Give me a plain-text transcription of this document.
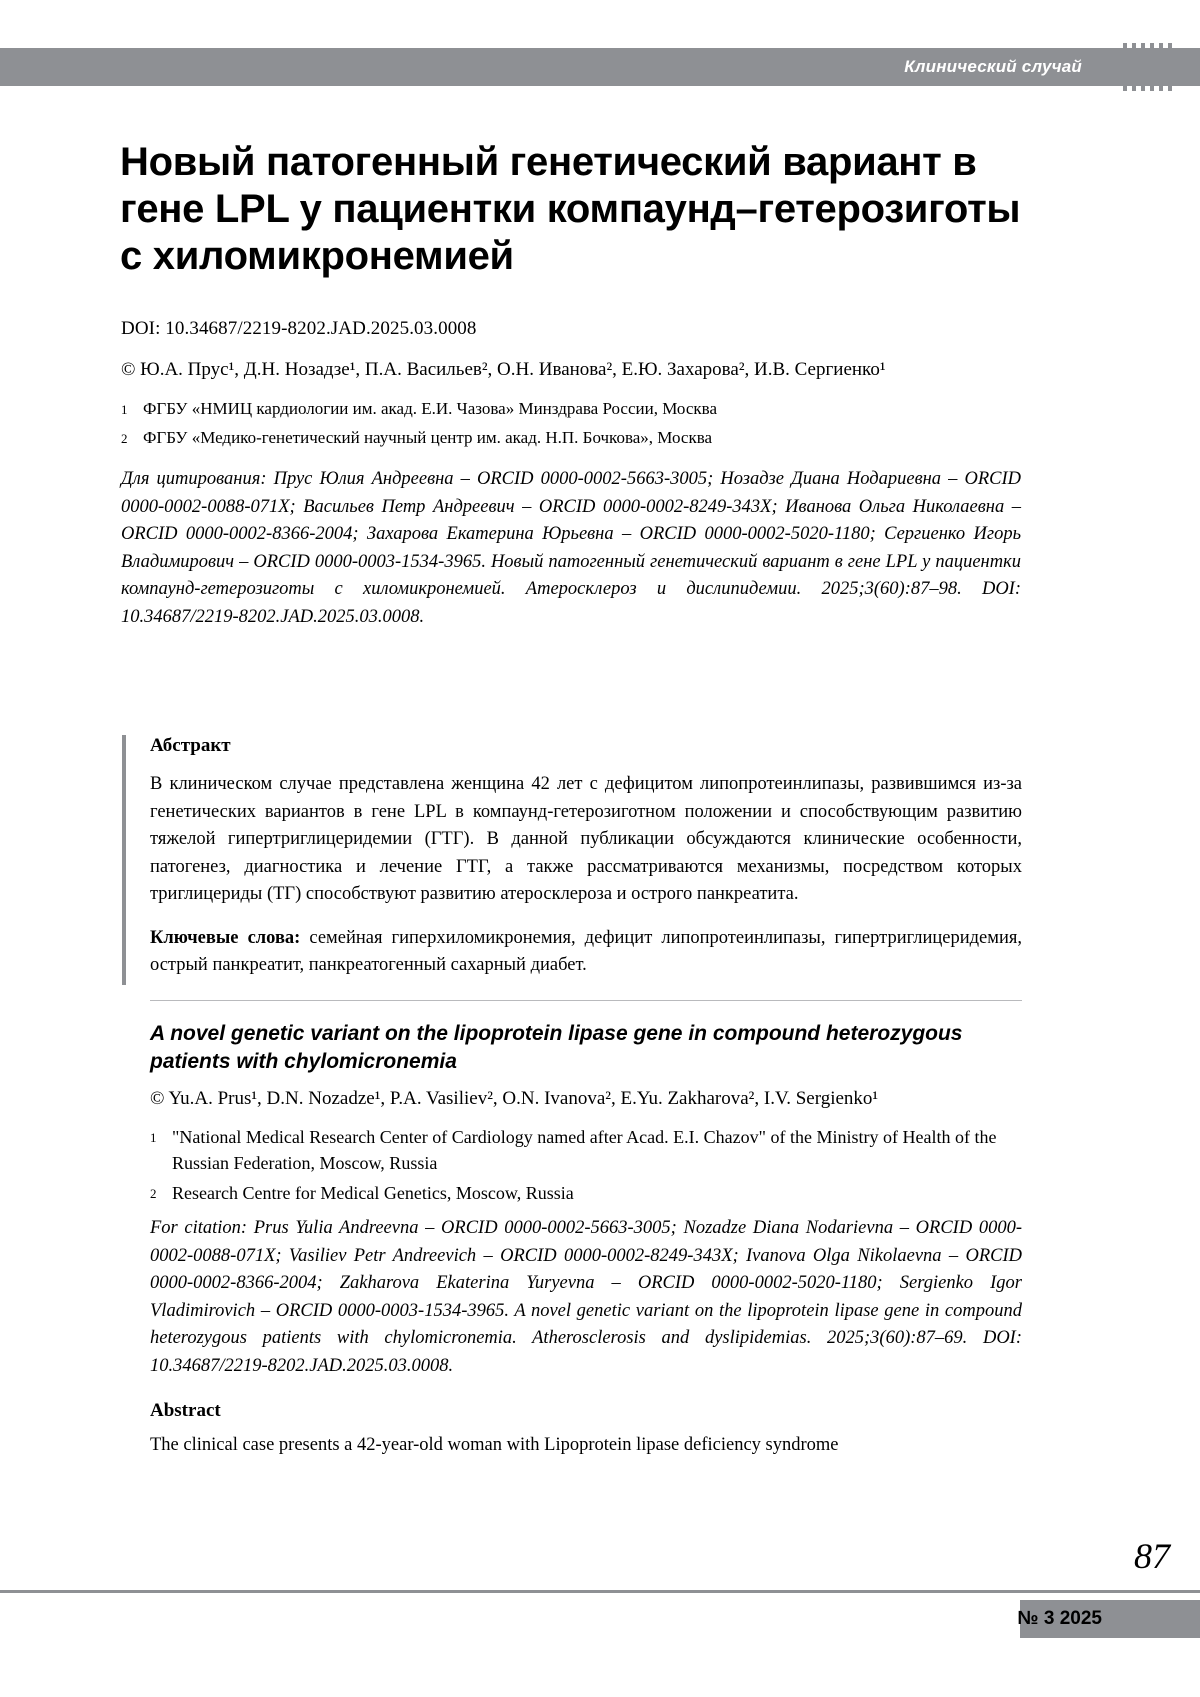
Клинический случай
Новый патогенный генетический вариант в гене LPL у пациентки компаунд–гетерозиготы с хиломикронемией
DOI: 10.34687/2219-8202.JAD.2025.03.0008
© Ю.А. Прус¹, Д.Н. Нозадзе¹, П.А. Васильев², О.Н. Иванова², Е.Ю. Захарова², И.В. Сергиенко¹
1 ФГБУ «НМИЦ кардиологии им. акад. Е.И. Чазова» Минздрава России, Москва
2 ФГБУ «Медико-генетический научный центр им. акад. Н.П. Бочкова», Москва
Для цитирования: Прус Юлия Андреевна – ORCID 0000-0002-5663-3005; Нозадзе Диана Нодариевна – ORCID 0000-0002-0088-071X; Васильев Петр Андреевич – ORCID 0000-0002-8249-343X; Иванова Ольга Николаевна – ORCID 0000-0002-8366-2004; Захарова Екатерина Юрьевна – ORCID 0000-0002-5020-1180; Сергиенко Игорь Владимирович – ORCID 0000-0003-1534-3965. Новый патогенный генетический вариант в гене LPL у пациентки компаунд-гетерозиготы с хиломикронемией. Атеросклероз и дислипидемии. 2025;3(60):87–98. DOI: 10.34687/2219-8202.JAD.2025.03.0008.
Абстракт
В клиническом случае представлена женщина 42 лет с дефицитом липопротеинлипазы, развившимся из-за генетических вариантов в гене LPL в компаунд-гетерозиготном положении и способствующим развитию тяжелой гипертриглицеридемии (ГТГ). В данной публикации обсуждаются клинические особенности, патогенез, диагностика и лечение ГТГ, а также рассматриваются механизмы, посредством которых триглицериды (ТГ) способствуют развитию атеросклероза и острого панкреатита.
Ключевые слова: семейная гиперхиломикронемия, дефицит липопротеинлипазы, гипертриглицеридемия, острый панкреатит, панкреатогенный сахарный диабет.
A novel genetic variant on the lipoprotein lipase gene in compound heterozygous patients with chylomicronemia
© Yu.A. Prus¹, D.N. Nozadze¹, P.A. Vasiliev², O.N. Ivanova², E.Yu. Zakharova², I.V. Sergienko¹
1 "National Medical Research Center of Cardiology named after Acad. E.I. Chazov" of the Ministry of Health of the Russian Federation, Moscow, Russia
2 Research Centre for Medical Genetics, Moscow, Russia
For citation: Prus Yulia Andreevna – ORCID 0000-0002-5663-3005; Nozadze Diana Nodarievna – ORCID 0000-0002-0088-071X; Vasiliev Petr Andreevich – ORCID 0000-0002-8249-343X; Ivanova Olga Nikolaevna – ORCID 0000-0002-8366-2004; Zakharova Ekaterina Yuryevna – ORCID 0000-0002-5020-1180; Sergienko Igor Vladimirovich – ORCID 0000-0003-1534-3965. A novel genetic variant on the lipoprotein lipase gene in compound heterozygous patients with chylomicronemia. Atherosclerosis and dyslipidemias. 2025;3(60):87–69. DOI: 10.34687/2219-8202.JAD.2025.03.0008.
Abstract
The clinical case presents a 42-year-old woman with Lipoprotein lipase deficiency syndrome
87
№ 3 2025
